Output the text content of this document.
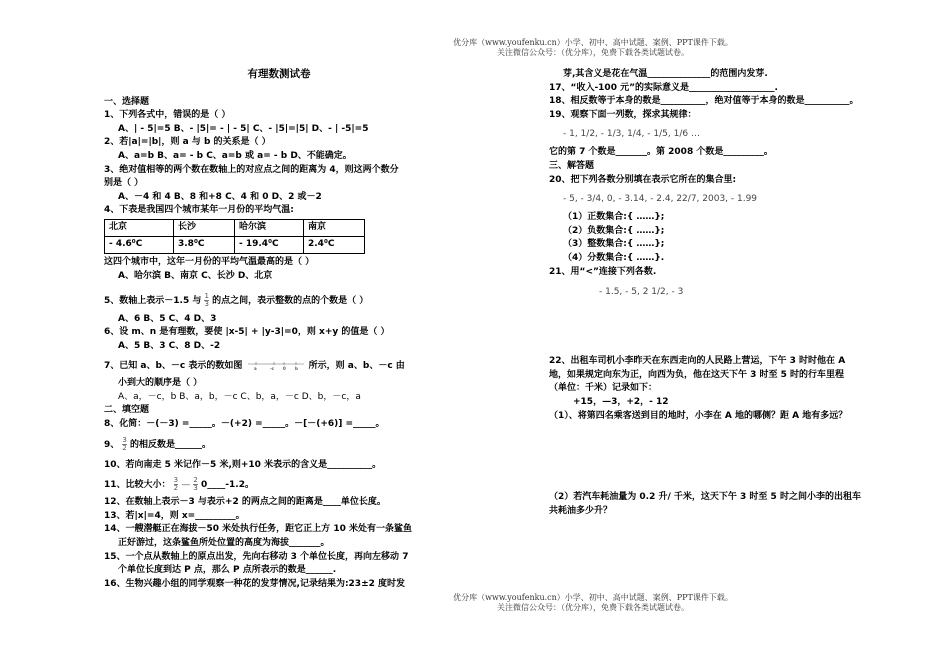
优分库（www.youfenku.cn）小学、初中、高中试题、案例、PPT课件下载。
关注微信公众号：（优分库），免费下载各类试题试卷。
有理数测试卷
一、选择题
1、下列各式中，错误的是（ ）
A、| - 5|=5 B、- |5|= - | - 5| C、- |5|=|5| D、- | -5|=5
2、若|a|=|b|，则 a 与 b 的关系是（ ）
A、a=b B、a= - b C、a=b 或 a= - b D、不能确定。
3、绝对值相等的两个数在数轴上的对应点之间的距离为 4，则这两个数分
别是（ ）
A、－4 和 4 B、8 和+8 C、4 和 0 D、2 或－2
4、下表是我国四个城市某年一月份的平均气温:
北京	长沙	哈尔滨	南京
- 4.6⁰C	3.8⁰C	- 19.4⁰C	2.4⁰C
这四个城市中，这年一月份的平均气温最高的是（ ）
A、哈尔滨 B、南京 C、长沙 D、北京
5、数轴上表示－1.5 与 $\frac{1}{3}$ 的点之间，表示整数的点的个数是（ ）
A、6 B、5 C、4 D、3
6、设 m、n 是有理数，要使 |x-5| + |y-3|=0，则 x+y 的值是（ ）
A、5 B、3 C、8 D、-2
7、已知 a、b、－c 表示的数如图	a	-c 0 b 所示，则 a、b、－c 由
小到大的顺序是（ ）
A、a，－c，b B、a，b，－c C、b，a，－c D、b，－c，a
二、填空题
8、化简：－(－3) =_____。－(+2) =_____。－[－(+6)] =_____。
9、 $\frac{3}{2}$ 的相反数是______。
10、若向南走 5 米记作－5 米,则+10 米表示的含义是__________。
11、比较大小： $\frac{3}{2}$ — $\frac{2}{3}$ 0____-1.2。
12、在数轴上表示－3 与表示+2 的两点之间的距离是____单位长度。
13、若|x|=4，则 x=_________。
14、一艘潜艇正在海拔－50 米处执行任务，距它正上方 10 米处有一条鲨鱼
正好游过，这条鲨鱼所处位置的高度为海拔_______。
15、一个点从数轴上的原点出发，先向右移动 3 个单位长度，再向左移动 7
个单位长度到达 P 点，那么 P 点所表示的数是______.
16、生物兴趣小组的同学观察一种花的发芽情况,记录结果为:23±2 度时发
芽,其含义是花在气温______________的范围内发芽.
17、“收入-100 元”的实际意义是___________________.
18、相反数等于本身的数是__________，绝对值等于本身的数是__________。
19、观察下面一列数，探求其规律：
- 1, 1/2, - 1/3, 1/4, - 1/5, 1/6 …
它的第 7 个数是_______。第 2008 个数是_________。
三、解答题
20、把下列各数分别填在表示它所在的集合里:
- 5, - 3/4, 0, - 3.14, - 2.4, 22/7, 2003, - 1.99
（1）正数集合:{ ……};
（2）负数集合:{ ……};
（3）整数集合:{ ……};
（4）分数集合:{ ……}.
21、用“<”连接下列各数.
- 1.5, - 5, 2 1/2, - 3
22、出租车司机小李昨天在东西走向的人民路上营运，下午 3 时时他在 A
地，如果规定向东为正，向西为负，他在这天下午 3 时至 5 时的行车里程
（单位：千米）记录如下：
+15，—3，+2，- 12
（1）、将第四名乘客送到目的地时，小李在 A 地的哪侧？距 A 地有多远？
（2）若汽车耗油量为 0.2 升/ 千米，这天下午 3 时至 5 时之间小李的出租车
共耗油多少升？
优分库（www.youfenku.cn）小学、初中、高中试题、案例、PPT课件下载。
关注微信公众号：（优分库），免费下载各类试题试卷。
